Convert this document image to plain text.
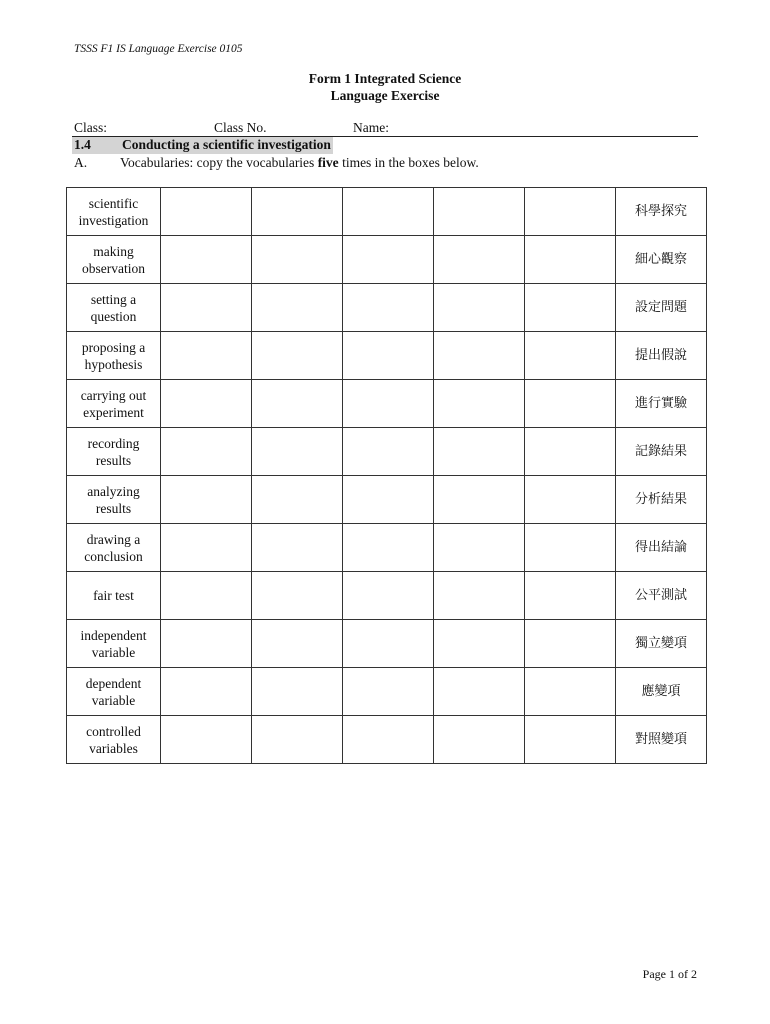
TSSS F1 IS Language Exercise 0105
Form 1 Integrated Science
Language Exercise
Class:	Class No.	Name:
1.4 Conducting a scientific investigation
A. Vocabularies: copy the vocabularies five times in the boxes below.
scientific
investigation						科學探究

making
observation						細心觀察

setting a
question						設定問題

proposing a
hypothesis						提出假說

carrying out
experiment						進行實驗

recording
results						記錄結果

analyzing
results						分析結果

drawing a
conclusion						得出結論

fair test						公平測試

independent
variable						獨立變項

dependent
variable						應變項

controlled
variables						對照變項
Page 1 of 2
